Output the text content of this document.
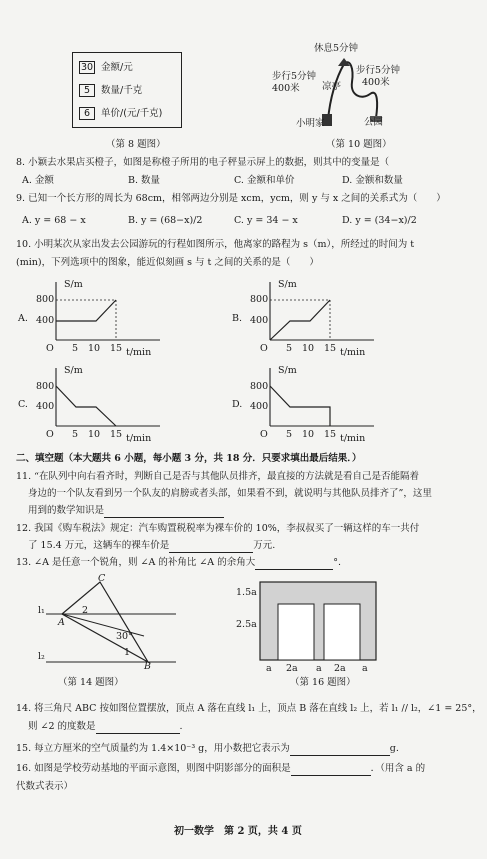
30 金额/元
5 数量/千克
6 单价/(元/千克)
（第 8 题图）
休息5分钟
步行5分钟
400米 凉亭
步行5分钟
400米
小明家	公园
（第 10 题图）
8. 小颖去水果店买橙子，如图是称橙子所用的电子秤显示屏上的数据，则其中的变量是（
A. 金额	B. 数量	C. 金额和单价	D. 金额和数量
9. 已知一个长方形的周长为 68cm，相邻两边分别是 xcm，ycm，则 y 与 x 之间的关系式为（　　）
A. y = 68 − x	B. y = (68−x)/2	C. y = 34 − x	D. y = (34−x)/2
10. 小明某次从家出发去公园游玩的行程如图所示，他离家的路程为 s（m），所经过的时间为 t
(min)，下列选项中的图象，能近似刻画 s 与 t 之间的关系的是（　　）
A.	B.
C.	D.
S/m
800
400
O 5 10 15 t/min
S/m
800
400
O 5 10 15 t/min
S/m
800
400
O 5 10 15 t/min
S/m
800
400
O 5 10 15 t/min
二、填空题（本大题共 6 小题，每小题 3 分，共 18 分．只要求填出最后结果．）
11. “在队列中向右看齐时，判断自己是否与其他队员排齐，最直接的方法就是看自己是否能隔着
身边的一个队友看到另一个队友的肩膀或者头部，如果看不到，就说明与其他队员排齐了”，这里
用到的数学知识是
12. 我国《购车税法》规定：汽车购置税税率为裸车价的 10%，李叔叔买了一辆这样的车一共付
了 15.4 万元，这辆车的裸车价是	万元.
13. ∠A 是任意一个锐角，则 ∠A 的补角比 ∠A 的余角大	°.
l₁
l₂
A
B
C
2
1
30°
（第 14 题图）
1.5a
2.5a
a 2a a 2a a
（第 16 题图）
14. 将三角尺 ABC 按如图位置摆放，顶点 A 落在直线 l₁ 上，顶点 B 落在直线 l₂ 上，若 l₁ // l₂，∠1 = 25°，
则 ∠2 的度数是	.
15. 每立方厘米的空气质量约为 1.4×10⁻³ g，用小数把它表示为	g.
16. 如图是学校劳动基地的平面示意图，则图中阴影部分的面积是	．（用含 a 的
代数式表示）
初一数学　第 2 页，共 4 页
